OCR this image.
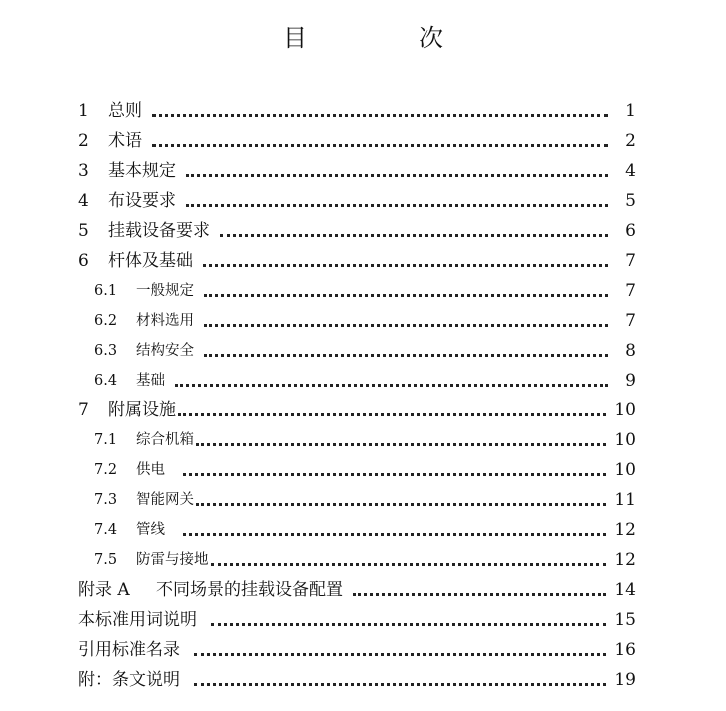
目　次
1	总则	1
2	术语	2
3	基本规定	4
4	布设要求	5
5	挂载设备要求	6
6	杆体及基础	7
6.1	一般规定	7
6.2	材料选用	7
6.3	结构安全	8
6.4	基础	9
7	附属设施	10
7.1	综合机箱	10
7.2	供电	10
7.3	智能网关	11
7.4	管线	12
7.5	防雷与接地	12
附录 A	不同场景的挂载设备配置	14
本标准用词说明	15
引用标准名录	16
附：条文说明	19
